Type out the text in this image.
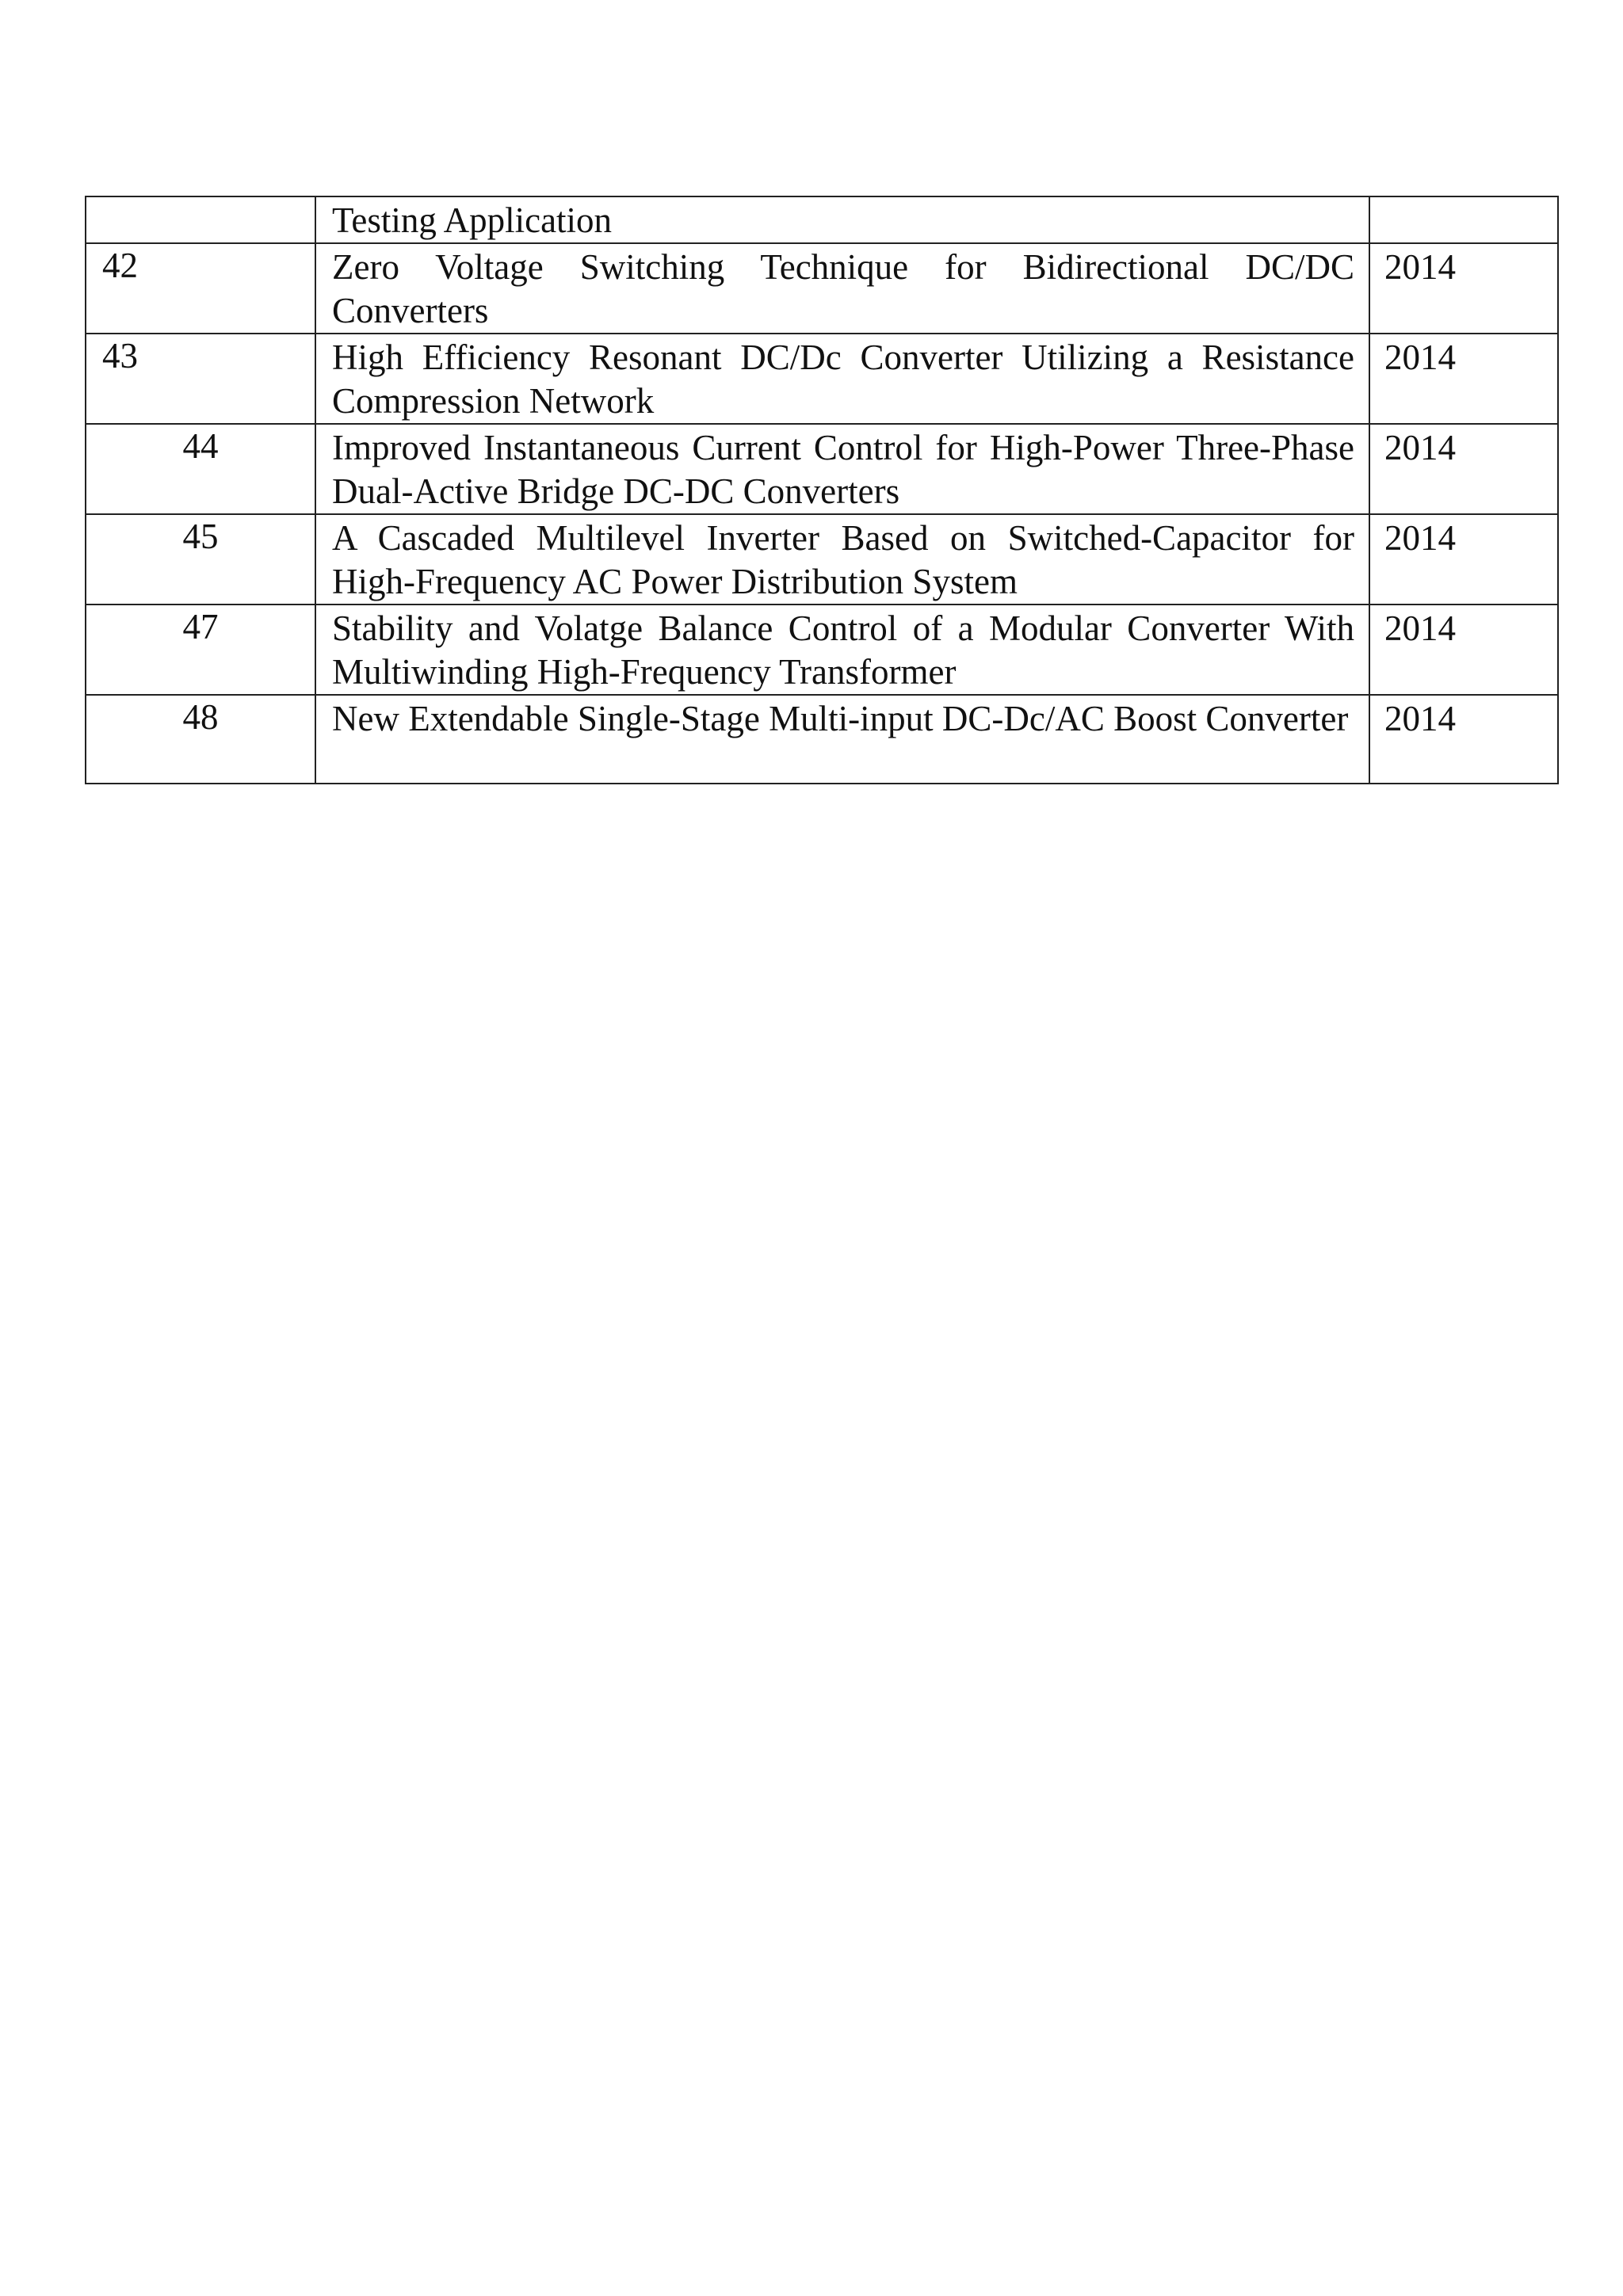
	Testing Application	

42	Zero Voltage Switching Technique for Bidirectional DC/DC Converters	2014

43	High Efficiency Resonant DC/Dc Converter Utilizing a Resistance Compression Network	2014

44	Improved Instantaneous Current Control for High-Power Three-Phase Dual-Active Bridge DC-DC Converters	2014

45	A Cascaded Multilevel Inverter Based on Switched-Capacitor for High-Frequency AC Power Distribution System	2014

47	Stability and Volatge Balance Control of a Modular Converter With Multiwinding High-Frequency Transformer	2014

48	New Extendable Single-Stage Multi-input DC-Dc/AC Boost Converter	2014
